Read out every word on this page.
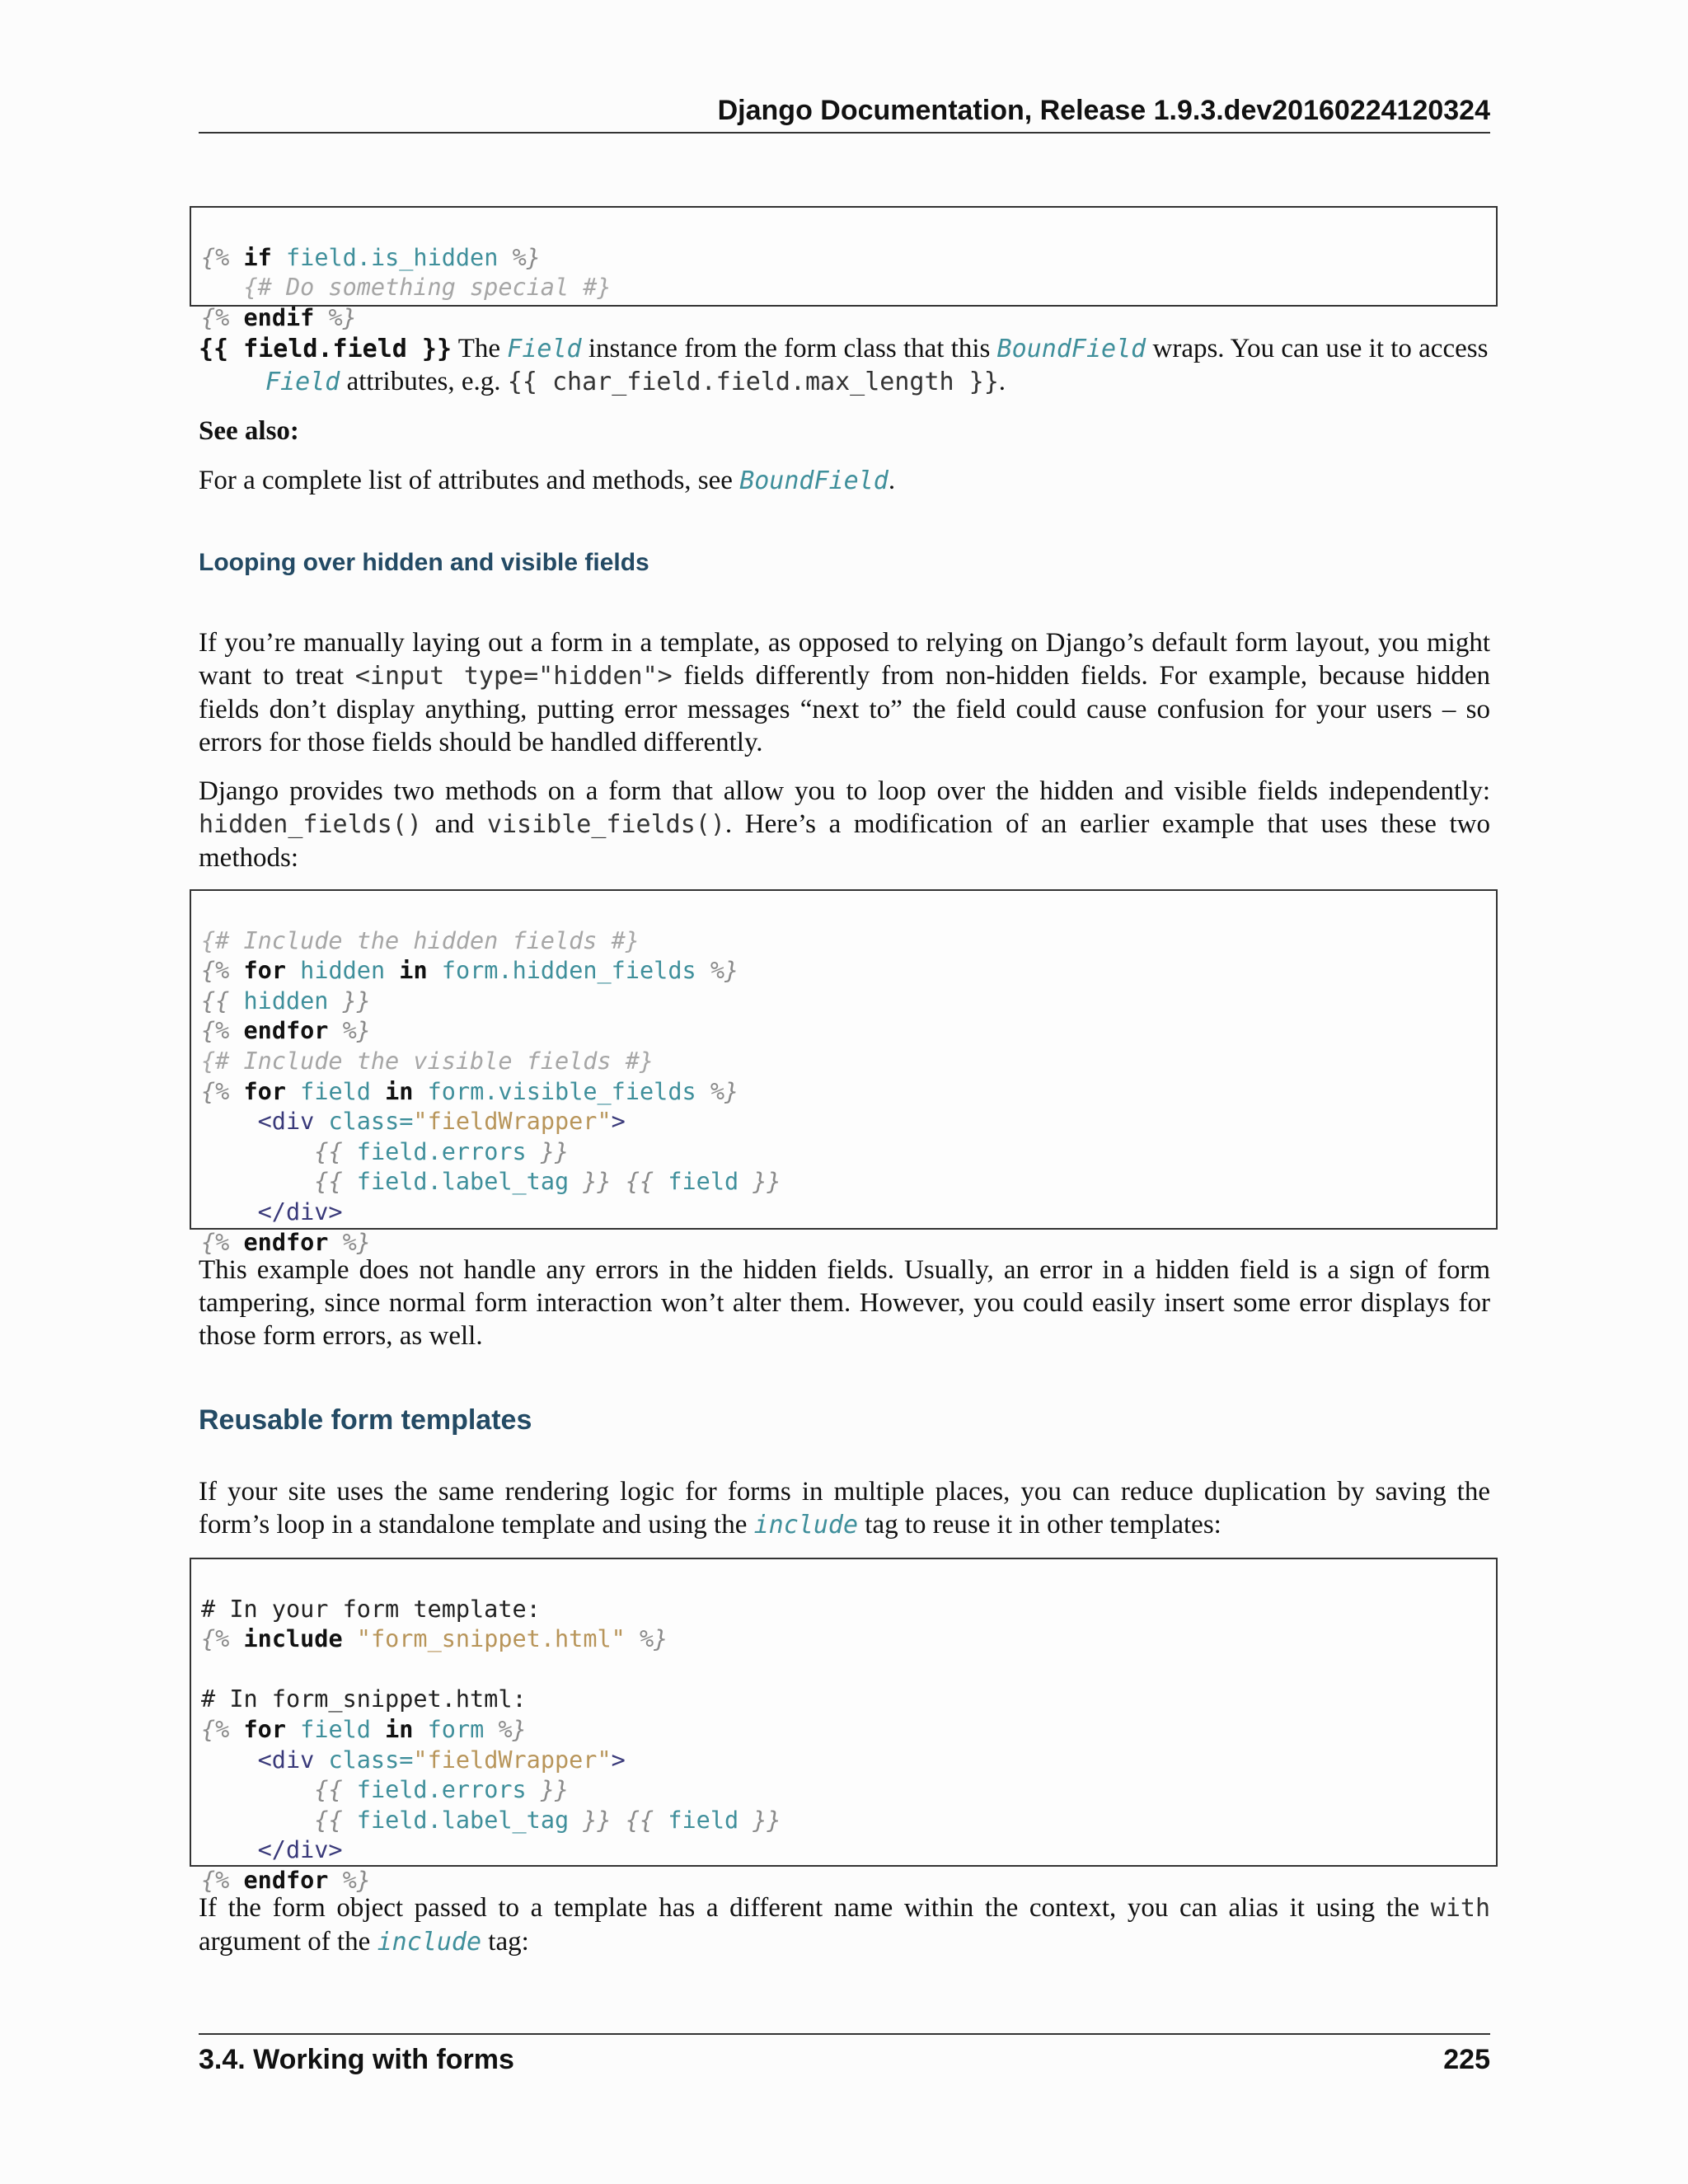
Django Documentation, Release 1.9.3.dev20160224120324

{% if field.is_hidden %}
{# Do something special #}
{% endif %}

{{ field.field }} The Field instance from the form class that this BoundField wraps. You can use it to access
Field attributes, e.g. {{ char_field.field.max_length }}.
See also:
For a complete list of attributes and methods, see BoundField.
Looping over hidden and visible fields
If you’re manually laying out a form in a template, as opposed to relying on Django’s default form layout, you might want to treat <input type="hidden"> fields differently from non-hidden fields. For example, because hidden fields don’t display anything, putting error messages “next to” the field could cause confusion for your users – so errors for those fields should be handled differently.
Django provides two methods on a form that allow you to loop over the hidden and visible fields independently: hidden_fields() and visible_fields(). Here’s a modification of an earlier example that uses these two methods:

{# Include the hidden fields #}
{% for hidden in form.hidden_fields %}
{{ hidden }}
{% endfor %}
{# Include the visible fields #}
{% for field in form.visible_fields %}
<div class="fieldWrapper">
{{ field.errors }}
{{ field.label_tag }} {{ field }}
</div>
{% endfor %}

This example does not handle any errors in the hidden fields. Usually, an error in a hidden field is a sign of form tampering, since normal form interaction won’t alter them. However, you could easily insert some error displays for those form errors, as well.
Reusable form templates
If your site uses the same rendering logic for forms in multiple places, you can reduce duplication by saving the form’s loop in a standalone template and using the include tag to reuse it in other templates:

# In your form template:
{% include "form_snippet.html" %}

# In form_snippet.html:
{% for field in form %}
<div class="fieldWrapper">
{{ field.errors }}
{{ field.label_tag }} {{ field }}
</div>
{% endfor %}

If the form object passed to a template has a different name within the context, you can alias it using the with argument of the include tag:
3.4. Working with forms	225
